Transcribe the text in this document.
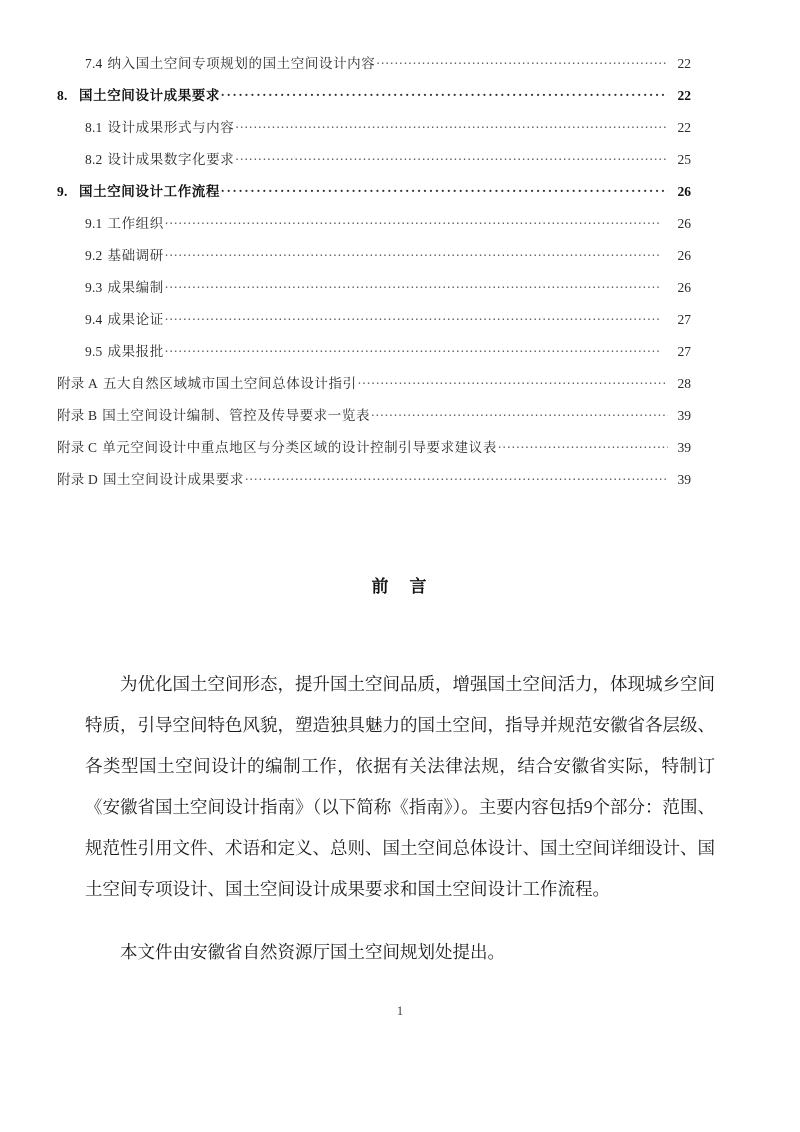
7.4 纳入国土空间专项规划的国土空间设计内容 . . .	22
8. 国土空间设计成果要求 . . .	22
8.1 设计成果形式与内容 . . .	22
8.2 设计成果数字化要求 . . .	25
9. 国土空间设计工作流程 . . .	26
9.1 工作组织 . . .	26
9.2 基础调研 . . .	26
9.3 成果编制 . . .	26
9.4 成果论证 . . .	27
9.5 成果报批 . . .	27
附录 A 五大自然区域城市国土空间总体设计指引 . . .	28
附录 B 国土空间设计编制、管控及传导要求一览表 . . .	39
附录 C 单元空间设计中重点地区与分类区域的设计控制引导要求建议表 . . .	39
附录 D 国土空间设计成果要求 . . .	39
前　言

为优化国土空间形态，提升国土空间品质，增强国土空间活力，体现城乡空间特质，引导空间特色风貌，塑造独具魅力的国土空间，指导并规范安徽省各层级、各类型国土空间设计的编制工作，依据有关法律法规，结合安徽省实际，特制订《安徽省国土空间设计指南》（以下简称《指南》）。主要内容包括9个部分：范围、规范性引用文件、术语和定义、总则、国土空间总体设计、国土空间详细设计、国土空间专项设计、国土空间设计成果要求和国土空间设计工作流程。

本文件由安徽省自然资源厅国土空间规划处提出。

1
